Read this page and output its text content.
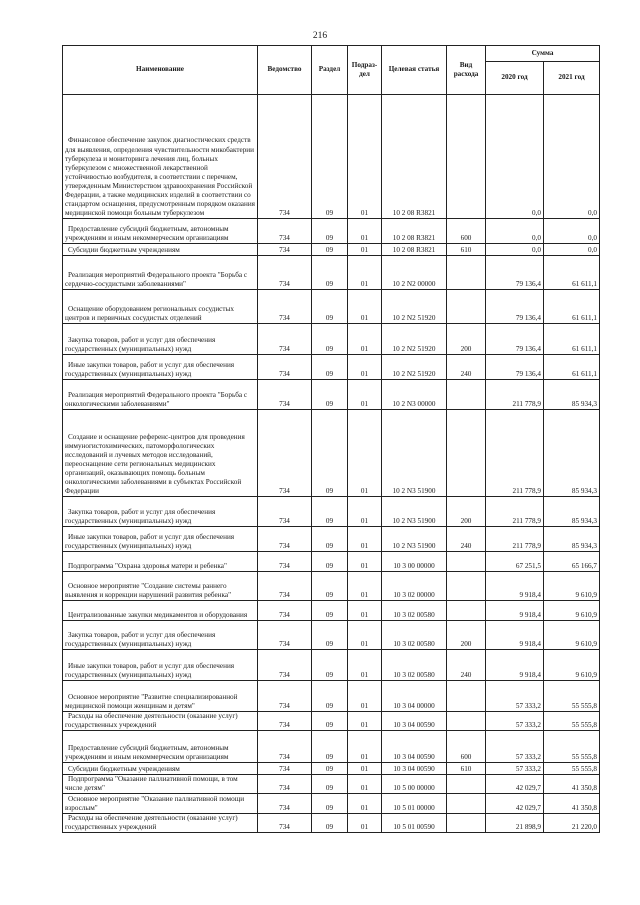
216
Наименование	Ведомство	Раздел	Подраз-дел	Целевая статья	Вид расхода	Сумма	
						2020 год	2021 год

Финансовое обеспечение закупок диагностических средств для выявления, определения чувствительности микобактерии туберкулеза и мониторинга лечения лиц, больных туберкулезом с множественной лекарственной устойчивостью возбудителя, в соответствии с перечнем, утвержденным Министерством здравоохранения Российской Федерации, а также медицинских изделий в соответствии со стандартом оснащения, предусмотренным порядком оказания медицинской помощи больным туберкулезом	734	09	01	10 2 08 R3821		0,0	0,0

Предоставление субсидий бюджетным, автономным учреждениям и иным некоммерческим организациям	734	09	01	10 2 08 R3821	600	0,0	0,0

Субсидии бюджетным учреждениям	734	09	01	10 2 08 R3821	610	0,0	0,0

Реализация мероприятий Федерального проекта "Борьба с сердечно-сосудистыми заболеваниями"	734	09	01	10 2 N2 00000		79 136,4	61 611,1

Оснащение оборудованием региональных сосудистых центров и первичных сосудистых отделений	734	09	01	10 2 N2 51920		79 136,4	61 611,1

Закупка товаров, работ и услуг для обеспечения государственных (муниципальных) нужд	734	09	01	10 2 N2 51920	200	79 136,4	61 611,1

Иные закупки товаров, работ и услуг для обеспечения государственных (муниципальных) нужд	734	09	01	10 2 N2 51920	240	79 136,4	61 611,1

Реализация мероприятий Федерального проекта "Борьба с онкологическими заболеваниями"	734	09	01	10 2 N3 00000		211 778,9	85 934,3

Создание и оснащение референс-центров для проведения иммуногистохимических, патоморфологических исследований и лучевых методов исследований, переоснащение сети региональных медицинских организаций, оказывающих помощь больным онкологическими заболеваниями в субъектах Российской Федерации	734	09	01	10 2 N3 51900		211 778,9	85 934,3

Закупка товаров, работ и услуг для обеспечения государственных (муниципальных) нужд	734	09	01	10 2 N3 51900	200	211 778,9	85 934,3

Иные закупки товаров, работ и услуг для обеспечения государственных (муниципальных) нужд	734	09	01	10 2 N3 51900	240	211 778,9	85 934,3

Подпрограмма "Охрана здоровья матери и ребенка"	734	09	01	10 3 00 00000		67 251,5	65 166,7

Основное мероприятие "Создание системы раннего выявления и коррекции нарушений развития ребенка"	734	09	01	10 3 02 00000		9 918,4	9 610,9

Централизованные закупки медикаментов и оборудования	734	09	01	10 3 02 00580		9 918,4	9 610,9

Закупка товаров, работ и услуг для обеспечения государственных (муниципальных) нужд	734	09	01	10 3 02 00580	200	9 918,4	9 610,9

Иные закупки товаров, работ и услуг для обеспечения государственных (муниципальных) нужд	734	09	01	10 3 02 00580	240	9 918,4	9 610,9

Основное мероприятие "Развитие специализированной медицинской помощи женщинам и детям"	734	09	01	10 3 04 00000		57 333,2	55 555,8

Расходы на обеспечение деятельности (оказание услуг) государственных учреждений	734	09	01	10 3 04 00590		57 333,2	55 555,8

Предоставление субсидий бюджетным, автономным учреждениям и иным некоммерческим организациям	734	09	01	10 3 04 00590	600	57 333,2	55 555,8

Субсидии бюджетным учреждениям	734	09	01	10 3 04 00590	610	57 333,2	55 555,8

Подпрограмма "Оказание паллиативной помощи, в том числе детям"	734	09	01	10 5 00 00000		42 029,7	41 350,8

Основное мероприятие "Оказание паллиативной помощи взрослым"	734	09	01	10 5 01 00000		42 029,7	41 350,8

Расходы на обеспечение деятельности (оказание услуг) государственных учреждений	734	09	01	10 5 01 00590		21 898,9	21 220,0
